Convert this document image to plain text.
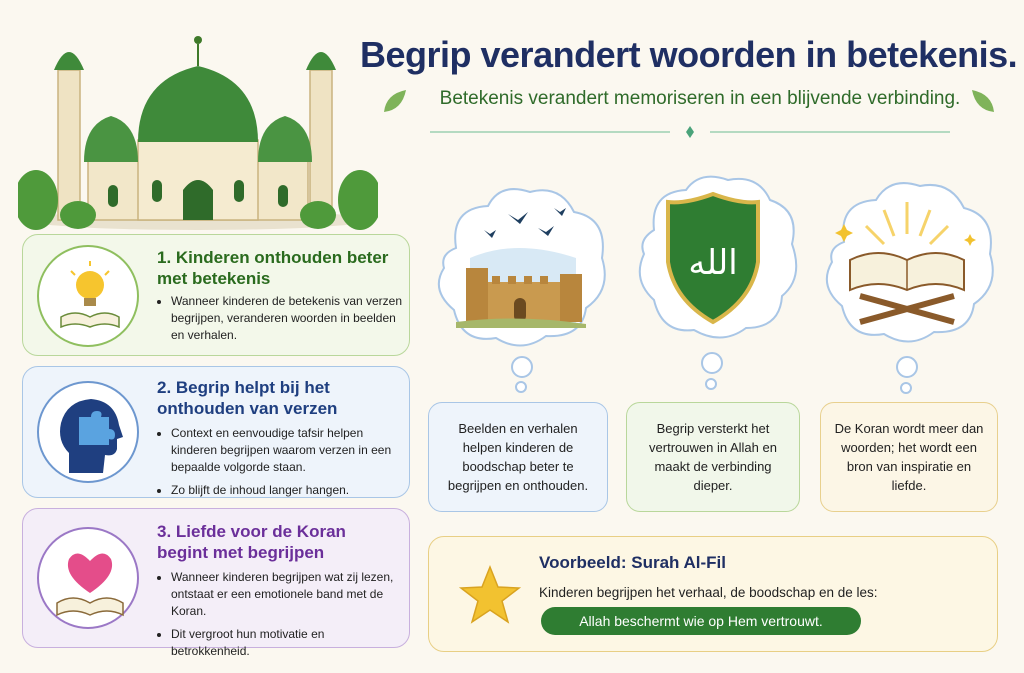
Begrip verandert woorden in betekenis.
Betekenis verandert memoriseren in een blijvende verbinding.
1. Kinderen onthouden beter met betekenis
• Wanneer kinderen de betekenis van verzen begrijpen, veranderen woorden in beelden en verhalen.
2. Begrip helpt bij het onthouden van verzen
• Context en eenvoudige tafsir helpen kinderen begrijpen waarom verzen in een bepaalde volgorde staan.
• Zo blijft de inhoud langer hangen.
3. Liefde voor de Koran begint met begrijpen
• Wanneer kinderen begrijpen wat zij lezen, ontstaat er een emotionele band met de Koran.
• Dit vergroot hun motivatie en betrokkenheid.
الله
Beelden en verhalen helpen kinderen de boodschap beter te begrijpen en onthouden.
Begrip versterkt het vertrouwen in Allah en maakt de verbinding dieper.
De Koran wordt meer dan woorden; het wordt een bron van inspiratie en liefde.
Voorbeeld: Surah Al-Fil
Kinderen begrijpen het verhaal, de boodschap en de les:
Allah beschermt wie op Hem vertrouwt.
